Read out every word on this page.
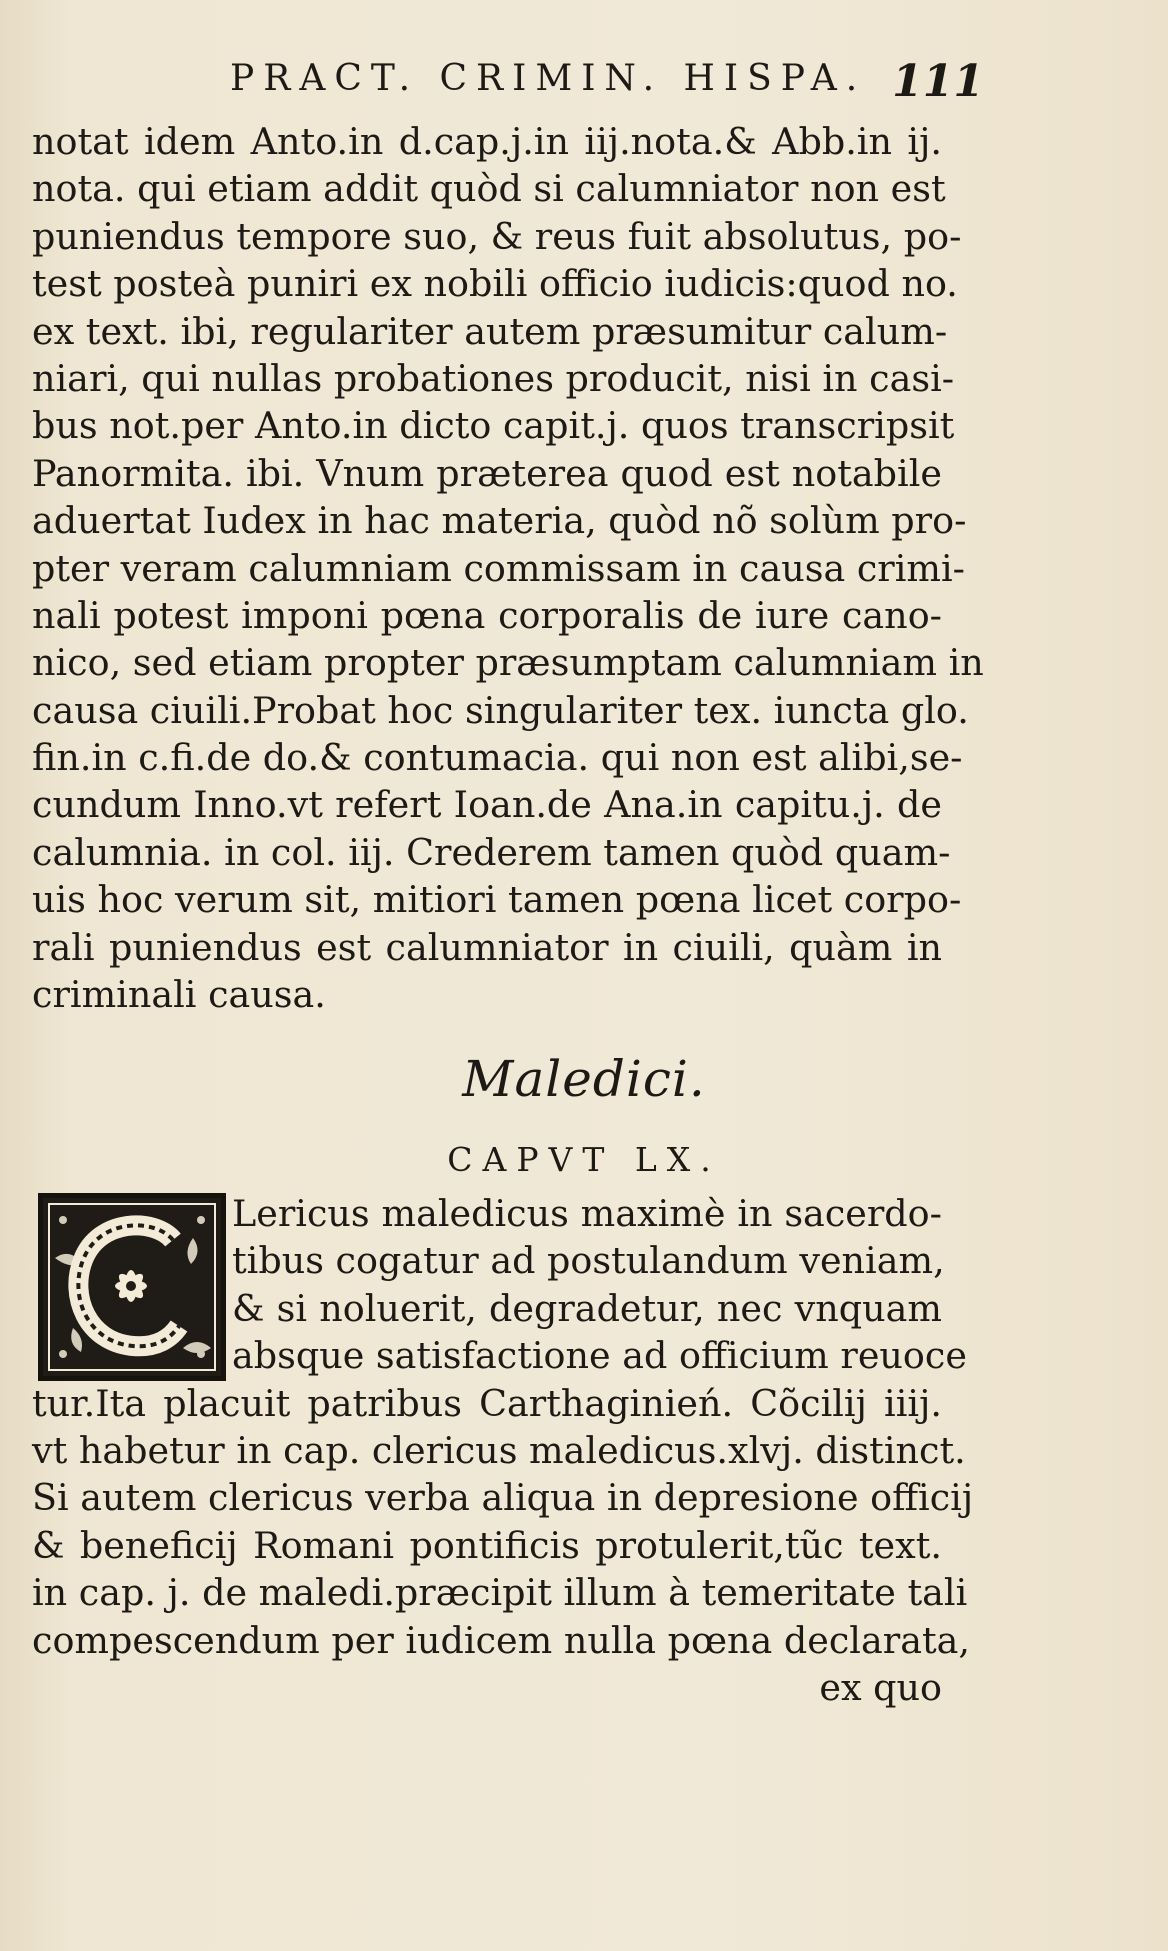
PRACT. CRIMIN. HISPA. 111
notat idem Anto.in d.cap.j.in iij.nota.& Abb.in ij.
nota. qui etiam addit quòd si calumniator non est
puniendus tempore suo, & reus fuit absolutus, po-
test posteà puniri ex nobili officio iudicis:quod no.
ex text. ibi, regulariter autem præsumitur calum-
niari, qui nullas probationes producit, nisi in casi-
bus not.per Anto.in dicto capit.j. quos transcripsit
Panormita. ibi. Vnum præterea quod est notabile
aduertat Iudex in hac materia, quòd nõ solùm pro-
pter veram calumniam commissam in causa crimi-
nali potest imponi pœna corporalis de iure cano-
nico, sed etiam propter præsumptam calumniam in
causa ciuili.Probat hoc singulariter tex. iuncta glo.
fin.in c.fi.de do.& contumacia. qui non est alibi,se-
cundum Inno.vt refert Ioan.de Ana.in capitu.j. de
calumnia. in col. iij. Crederem tamen quòd quam-
uis hoc verum sit, mitiori tamen pœna licet corpo-
rali puniendus est calumniator in ciuili, quàm in
criminali causa.
Maledici.
CAPVT LX.
Lericus maledicus maximè in sacerdo-
tibus cogatur ad postulandum veniam,
& si noluerit, degradetur, nec vnquam
absque satisfactione ad officium reuoce
tur.Ita placuit patribus Carthaginień. Cõcilij iiij.
vt habetur in cap. clericus maledicus.xlvj. distinct.
Si autem clericus verba aliqua in depresione officij
& beneficij Romani pontificis protulerit,tũc text.
in cap. j. de maledi.præcipit illum à temeritate tali
compescendum per iudicem nulla pœna declarata,
ex quo
